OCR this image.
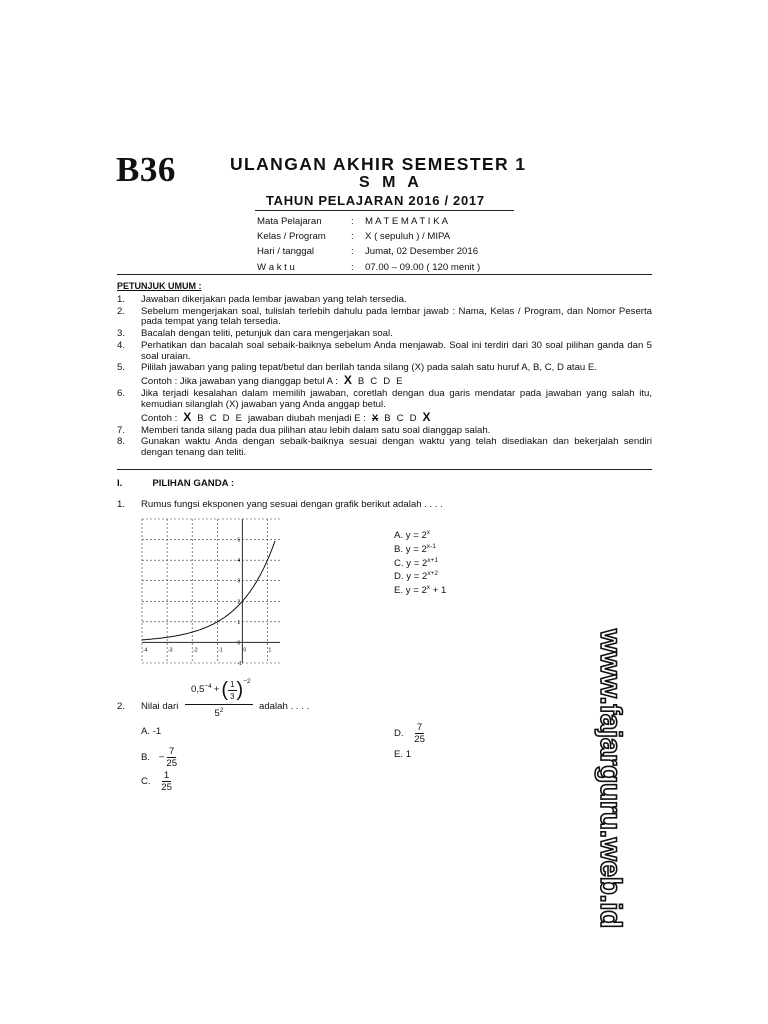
B36	ULANGAN AKHIR SEMESTER 1
S M A
TAHUN PELAJARAN 2016 / 2017
Mata Pelajaran	:	M A T E M A T I K A
Kelas / Program	:	X ( sepuluh ) / MIPA
Hari / tanggal	:	Jumat, 02 Desember 2016
W a k t u	:	07.00 – 09.00 ( 120 menit )
PETUNJUK UMUM :
1.	Jawaban dikerjakan pada lembar jawaban yang telah tersedia.
2.	Sebelum mengerjakan soal, tulislah terlebih dahulu pada lembar jawab : Nama, Kelas / Program, dan Nomor Peserta pada tempat yang telah tersedia.
3.	Bacalah dengan teliti, petunjuk dan cara mengerjakan soal.
4.	Perhatikan dan bacalah soal sebaik-baiknya sebelum Anda menjawab. Soal ini terdiri dari 30 soal pilihan ganda dan 5 soal uraian.
5.	Pililah jawaban yang paling tepat/betul dan berilah tanda silang (X) pada salah satu huruf A, B, C, D atau E.
Contoh : Jika jawaban yang dianggap betul A : X B C D E
6.	Jika terjadi kesalahan dalam memilih jawaban, coretlah dengan dua garis mendatar pada jawaban yang salah itu, kemudian silanglah (X) jawaban yang Anda anggap betul.
Contoh : X B C D E jawaban diubah menjadi E : X B C D X
7.	Memberi tanda silang pada dua pilihan atau lebih dalam satu soal dianggap salah.
8.	Gunakan waktu Anda dengan sebaik-baiknya sesuai dengan waktu yang telah disediakan dan bekerjalah sendiri dengan tenang dan teliti.
I.	PILIHAN GANDA :
1. Rumus fungsi eksponen yang sesuai dengan grafik berikut adalah . . . .
-4	-3	-2	-1	0	1
5
4
3
2
1
0
-1
A. $y = 2^x$
B. $y = 2^{x-1}$
C. $y = 2^{x+1}$
D. $y = 2^{x+2}$
E. $y = 2^x + 1$
2. Nilai dari
$0,5^{-4}$ + ( $\frac{1}{3} )^{-2}$
$5^2$	adalah . . . .
A. -1
B. − $\frac{7}{25}$
C. $\frac{1}{25}$
D. $\frac{7}{25}$
E. 1	www.fajarguru.web.id
